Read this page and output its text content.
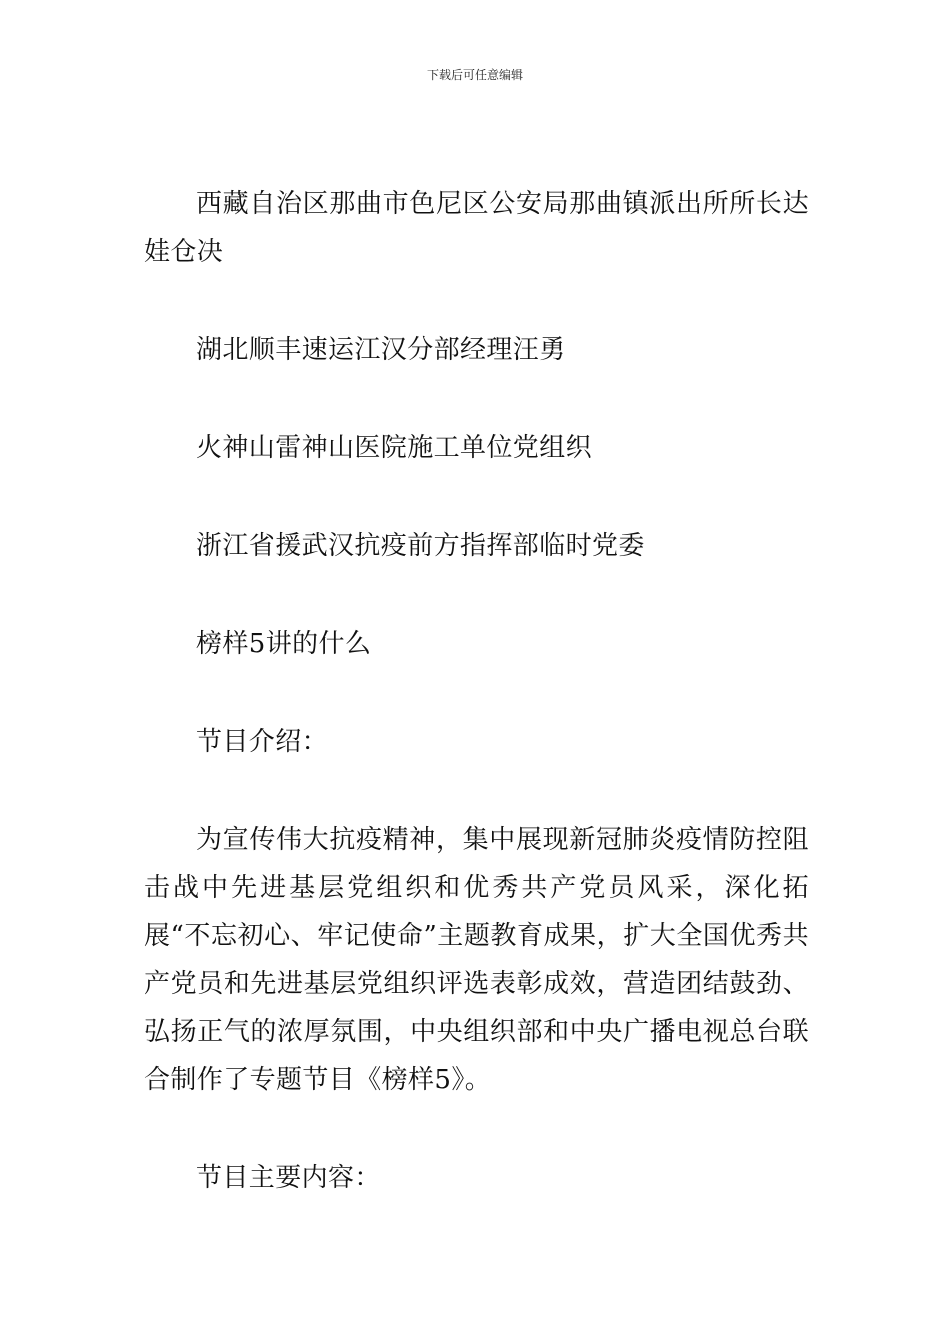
下载后可任意编辑

西藏自治区那曲市色尼区公安局那曲镇派出所所长达娃仓决

湖北顺丰速运江汉分部经理汪勇

火神山雷神山医院施工单位党组织

浙江省援武汉抗疫前方指挥部临时党委

榜样5讲的什么

节目介绍：

为宣传伟大抗疫精神，集中展现新冠肺炎疫情防控阻击战中先进基层党组织和优秀共产党员风采，深化拓展“不忘初心、牢记使命”主题教育成果，扩大全国优秀共产党员和先进基层党组织评选表彰成效，营造团结鼓劲、弘扬正气的浓厚氛围，中央组织部和中央广播电视总台联合制作了专题节目《榜样5》。

节目主要内容：
